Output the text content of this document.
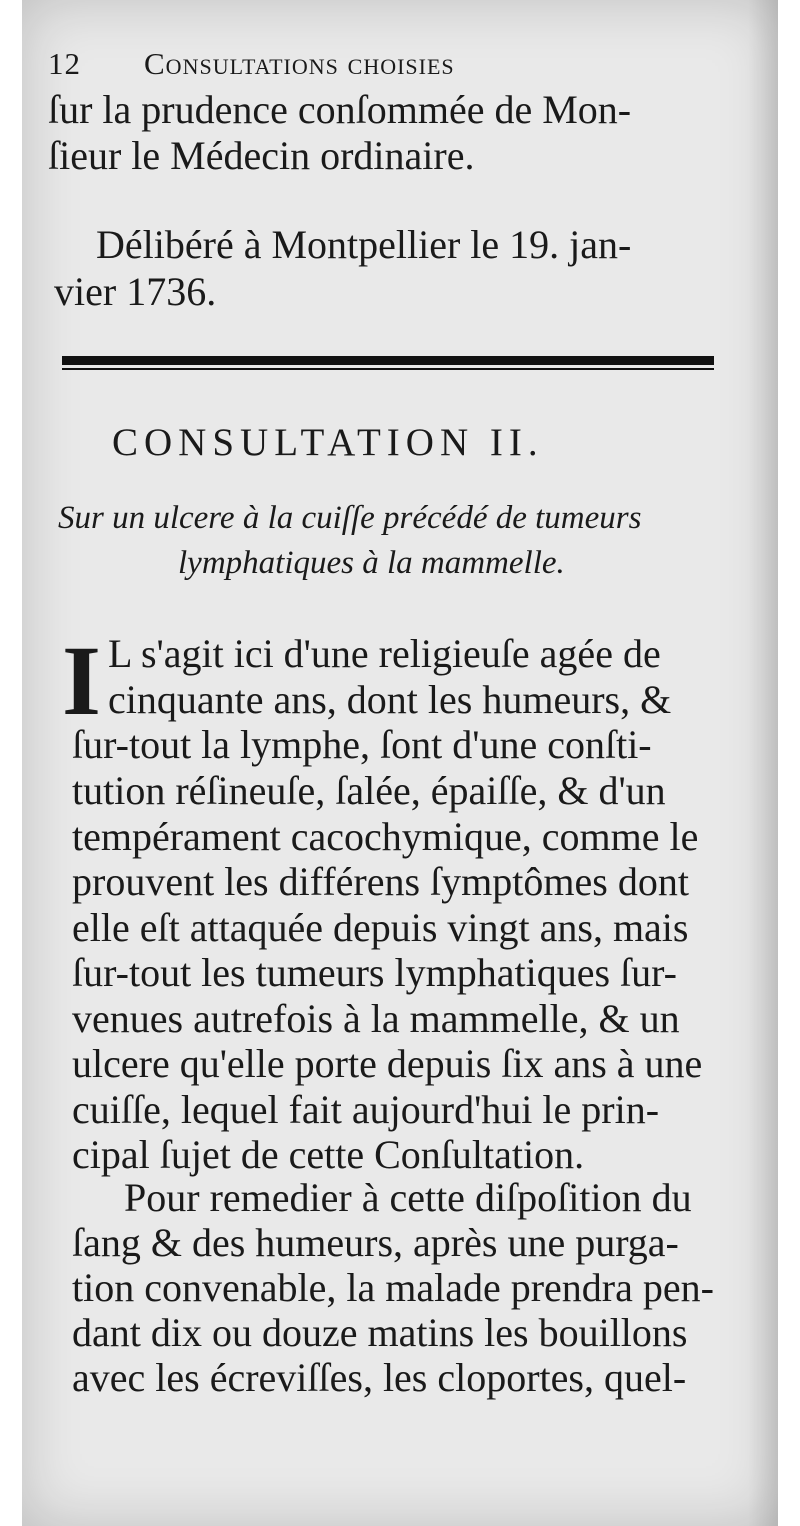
12 Consultations choisies
ſur la prudence conſommée de Mon-
ſieur le Médecin ordinaire.
Délibéré à Montpellier le 19. jan-
vier 1736.
CONSULTATION II.
Sur un ulcere à la cuiſſe précédé de tumeurs
lymphatiques à la mammelle.
I L s'agit ici d'une religieuſe agée de
cinquante ans, dont les humeurs, &
ſur-tout la lymphe, ſont d'une conſti-
tution réſineuſe, ſalée, épaiſſe, & d'un
tempérament cacochymique, comme le
prouvent les différens ſymptômes dont
elle eſt attaquée depuis vingt ans, mais
ſur-tout les tumeurs lymphatiques ſur-
venues autrefois à la mammelle, & un
ulcere qu'elle porte depuis ſix ans à une
cuiſſe, lequel fait aujourd'hui le prin-
cipal ſujet de cette Conſultation.
Pour remedier à cette diſpoſition du
ſang & des humeurs, après une purga-
tion convenable, la malade prendra pen-
dant dix ou douze matins les bouillons
avec les écreviſſes, les cloportes, quel-
